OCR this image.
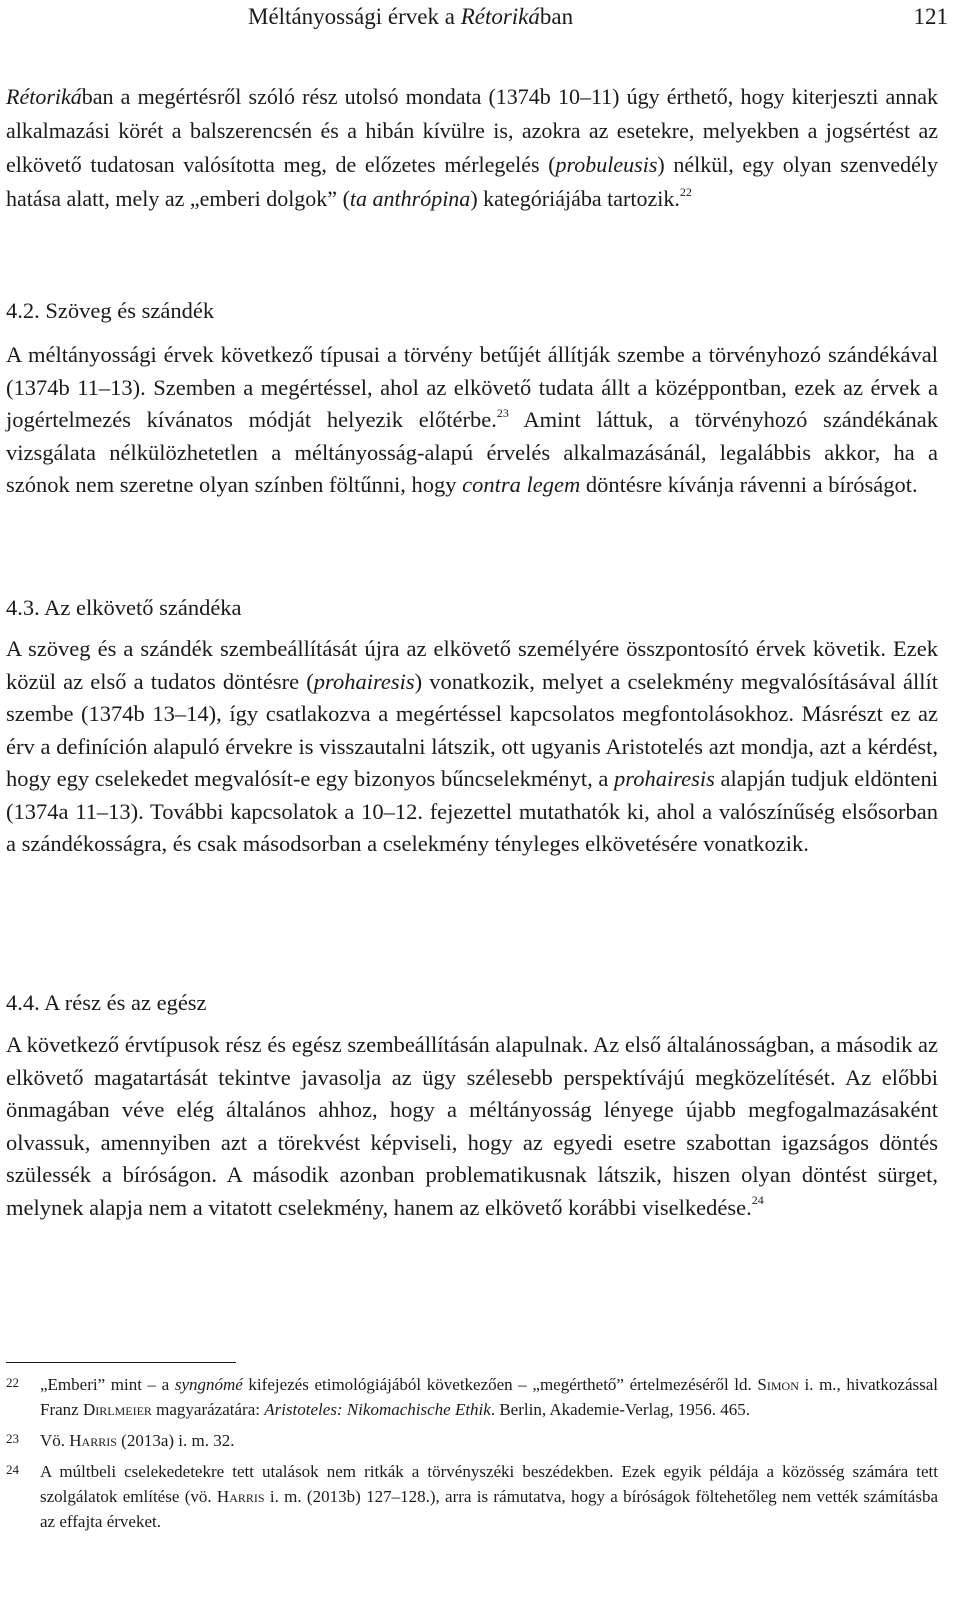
Méltányossági érvek a Rétorikában	121

Rétorikában a megértésről szóló rész utolsó mondata (1374b 10–11) úgy érthető, hogy kiterjeszti annak alkalmazási körét a balszerencsén és a hibán kívülre is, azokra az esetekre, melyekben a jogsértést az elkövető tudatosan valósította meg, de előzetes mérlegelés (probuleusis) nélkül, egy olyan szenvedély hatása alatt, mely az „emberi dolgok” (ta anthrópina) kategóriájába tartozik.$^{22}$

4.2. Szöveg és szándék

A méltányossági érvek következő típusai a törvény betűjét állítják szembe a törvényhozó szándékával (1374b 11–13). Szemben a megértéssel, ahol az elkövető tudata állt a középpontban, ezek az érvek a jogértelmezés kívánatos módját helyezik előtérbe.$^{23}$ Amint láttuk, a törvényhozó szándékának vizsgálata nélkülözhetetlen a méltányosság-alapú érvelés alkalmazásánál, legalábbis akkor, ha a szónok nem szeretne olyan színben föltűnni, hogy contra legem döntésre kívánja rávenni a bíróságot.

4.3. Az elkövető szándéka

A szöveg és a szándék szembeállítását újra az elkövető személyére összpontosító érvek követik. Ezek közül az első a tudatos döntésre (prohairesis) vonatkozik, melyet a cselekmény megvalósításával állít szembe (1374b 13–14), így csatlakozva a megértéssel kapcsolatos megfontolásokhoz. Másrészt ez az érv a definíción alapuló érvekre is visszautalni látszik, ott ugyanis Aristotelés azt mondja, azt a kérdést, hogy egy cselekedet megvalósít-e egy bizonyos bűncselekményt, a prohairesis alapján tudjuk eldönteni (1374a 11–13). További kapcsolatok a 10–12. fejezettel mutathatók ki, ahol a valószínűség elsősorban a szándékosságra, és csak másodsorban a cselekmény tényleges elkövetésére vonatkozik.

4.4. A rész és az egész

A következő érvtípusok rész és egész szembeállításán alapulnak. Az első általánosságban, a második az elkövető magatartását tekintve javasolja az ügy szélesebb perspektívájú megközelítését. Az előbbi önmagában véve elég általános ahhoz, hogy a méltányosság lényege újabb megfogalmazásaként olvassuk, amennyiben azt a törekvést képviseli, hogy az egyedi esetre szabottan igazságos döntés szülessék a bíróságon. A második azonban problematikusnak látszik, hiszen olyan döntést sürget, melynek alapja nem a vitatott cselekmény, hanem az elkövető korábbi viselkedése.$^{24}$

22 „Emberi” mint – a syngnómé kifejezés etimológiájából következően – „megérthető” értelmezéséről ld. Simon i. m., hivatkozással Franz Dirlmeier magyarázatára: Aristoteles: Nikomachische Ethik. Berlin, Akademie-Verlag, 1956. 465.

23 Vö. Harris (2013a) i. m. 32.

24 A múltbeli cselekedetekre tett utalások nem ritkák a törvényszéki beszédekben. Ezek egyik példája a közösség számára tett szolgálatok említése (vö. Harris i. m. (2013b) 127–128.), arra is rámutatva, hogy a bíróságok föltehetőleg nem vették számításba az effajta érveket.
